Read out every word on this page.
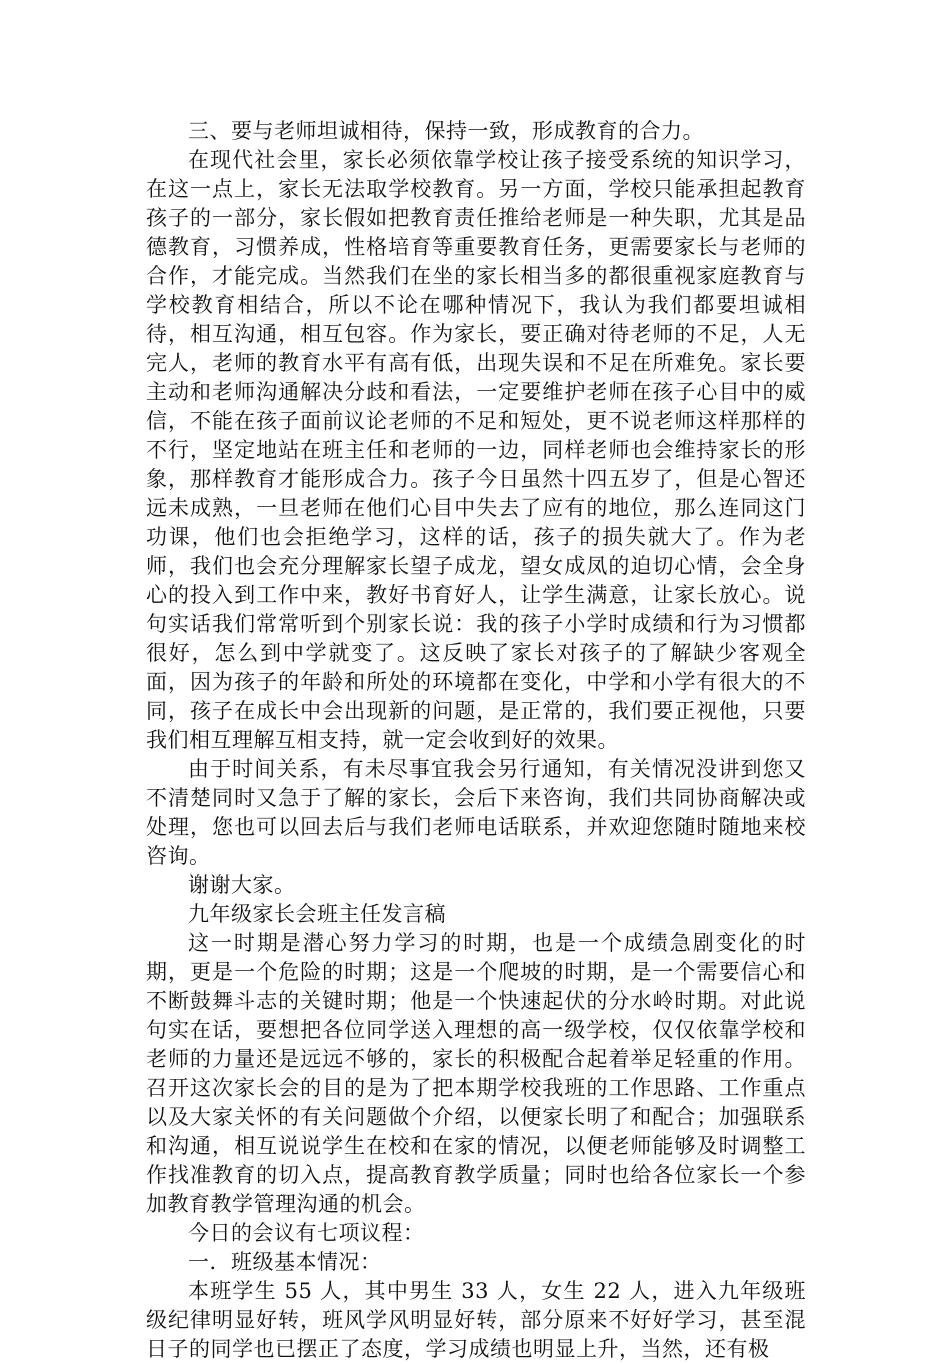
三、要与老师坦诚相待，保持一致，形成教育的合力。

在现代社会里，家长必须依靠学校让孩子接受系统的知识学习，在这一点上，家长无法取学校教育。另一方面，学校只能承担起教育孩子的一部分，家长假如把教育责任推给老师是一种失职，尤其是品德教育，习惯养成，性格培育等重要教育任务，更需要家长与老师的合作，才能完成。当然我们在坐的家长相当多的都很重视家庭教育与学校教育相结合，所以不论在哪种情况下，我认为我们都要坦诚相待，相互沟通，相互包容。作为家长，要正确对待老师的不足，人无完人，老师的教育水平有高有低，出现失误和不足在所难免。家长要主动和老师沟通解决分歧和看法，一定要维护老师在孩子心目中的威信，不能在孩子面前议论老师的不足和短处，更不说老师这样那样的不行，坚定地站在班主任和老师的一边，同样老师也会维持家长的形象，那样教育才能形成合力。孩子今日虽然十四五岁了，但是心智还远未成熟，一旦老师在他们心目中失去了应有的地位，那么连同这门功课，他们也会拒绝学习，这样的话，孩子的损失就大了。作为老师，我们也会充分理解家长望子成龙，望女成凤的迫切心情，会全身心的投入到工作中来，教好书育好人，让学生满意，让家长放心。说句实话我们常常听到个别家长说：我的孩子小学时成绩和行为习惯都很好，怎么到中学就变了。这反映了家长对孩子的了解缺少客观全面，因为孩子的年龄和所处的环境都在变化，中学和小学有很大的不同，孩子在成长中会出现新的问题，是正常的，我们要正视他，只要我们相互理解互相支持，就一定会收到好的效果。

由于时间关系，有未尽事宜我会另行通知，有关情况没讲到您又不清楚同时又急于了解的家长，会后下来咨询，我们共同协商解决或处理，您也可以回去后与我们老师电话联系，并欢迎您随时随地来校咨询。

谢谢大家。

九年级家长会班主任发言稿

这一时期是潜心努力学习的时期，也是一个成绩急剧变化的时期，更是一个危险的时期；这是一个爬坡的时期，是一个需要信心和不断鼓舞斗志的关键时期；他是一个快速起伏的分水岭时期。对此说句实在话，要想把各位同学送入理想的高一级学校，仅仅依靠学校和老师的力量还是远远不够的，家长的积极配合起着举足轻重的作用。召开这次家长会的目的是为了把本期学校我班的工作思路、工作重点以及大家关怀的有关问题做个介绍，以便家长明了和配合；加强联系和沟通，相互说说学生在校和在家的情况，以便老师能够及时调整工作找准教育的切入点，提高教育教学质量；同时也给各位家长一个参加教育教学管理沟通的机会。

今日的会议有七项议程：

一．班级基本情况：

本班学生 55 人，其中男生 33 人，女生 22 人，进入九年级班级纪律明显好转，班风学风明显好转，部分原来不好好学习，甚至混日子的同学也已摆正了态度，学习成绩也明显上升，当然，还有极
